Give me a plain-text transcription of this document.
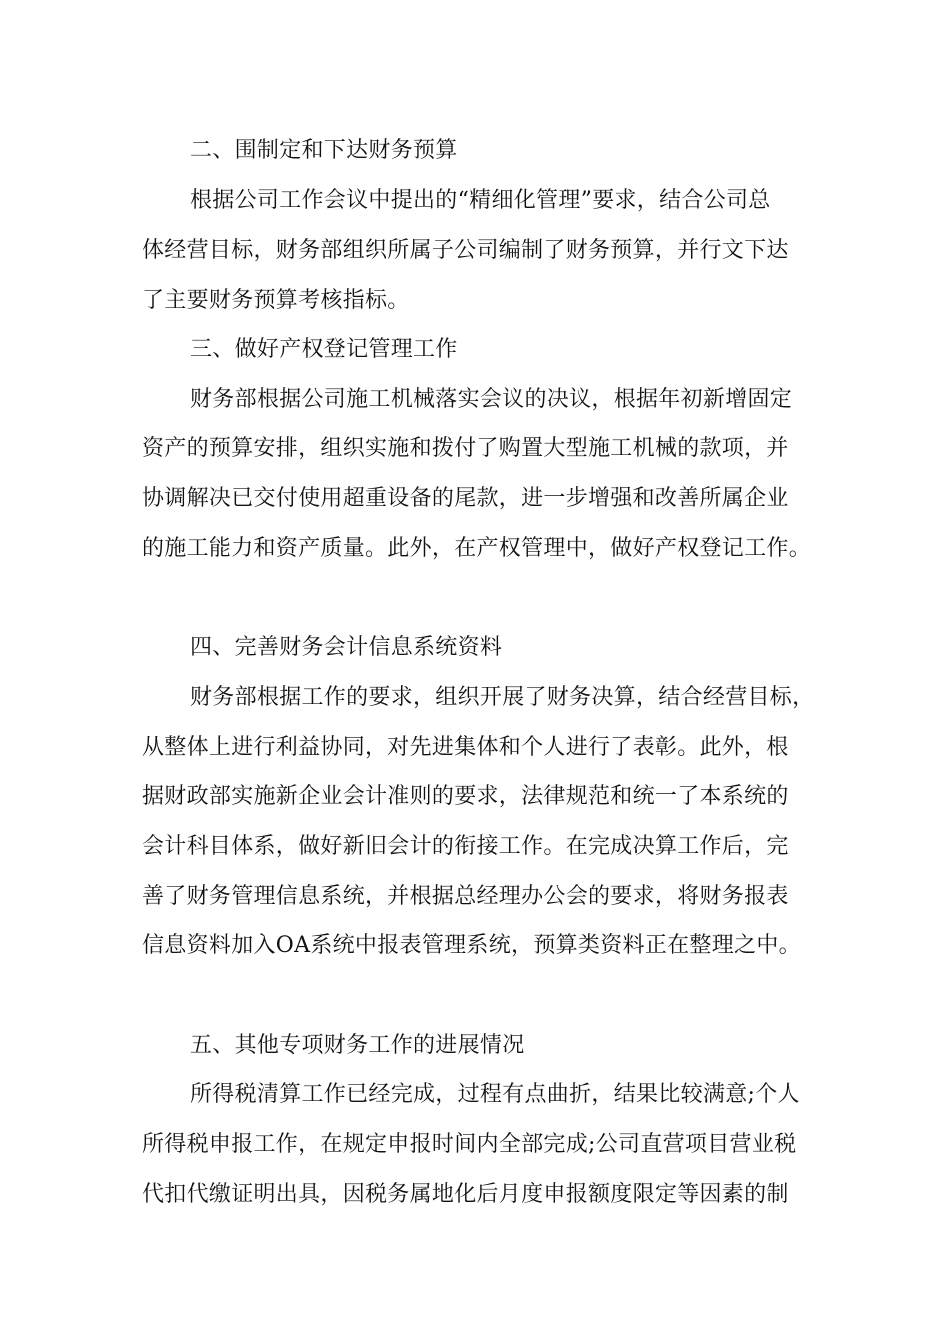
二、围制定和下达财务预算
根据公司工作会议中提出的“精细化管理”要求，结合公司总
体经营目标，财务部组织所属子公司编制了财务预算，并行文下达
了主要财务预算考核指标。
三、做好产权登记管理工作
财务部根据公司施工机械落实会议的决议，根据年初新增固定
资产的预算安排，组织实施和拨付了购置大型施工机械的款项，并
协调解决已交付使用超重设备的尾款，进一步增强和改善所属企业
的施工能力和资产质量。此外，在产权管理中，做好产权登记工作。
四、完善财务会计信息系统资料
财务部根据工作的要求，组织开展了财务决算，结合经营目标，
从整体上进行利益协同，对先进集体和个人进行了表彰。此外，根
据财政部实施新企业会计准则的要求，法律规范和统一了本系统的
会计科目体系，做好新旧会计的衔接工作。在完成决算工作后，完
善了财务管理信息系统，并根据总经理办公会的要求，将财务报表
信息资料加入OA系统中报表管理系统，预算类资料正在整理之中。
五、其他专项财务工作的进展情况
所得税清算工作已经完成，过程有点曲折，结果比较满意;个人
所得税申报工作，在规定申报时间内全部完成;公司直营项目营业税
代扣代缴证明出具，因税务属地化后月度申报额度限定等因素的制
